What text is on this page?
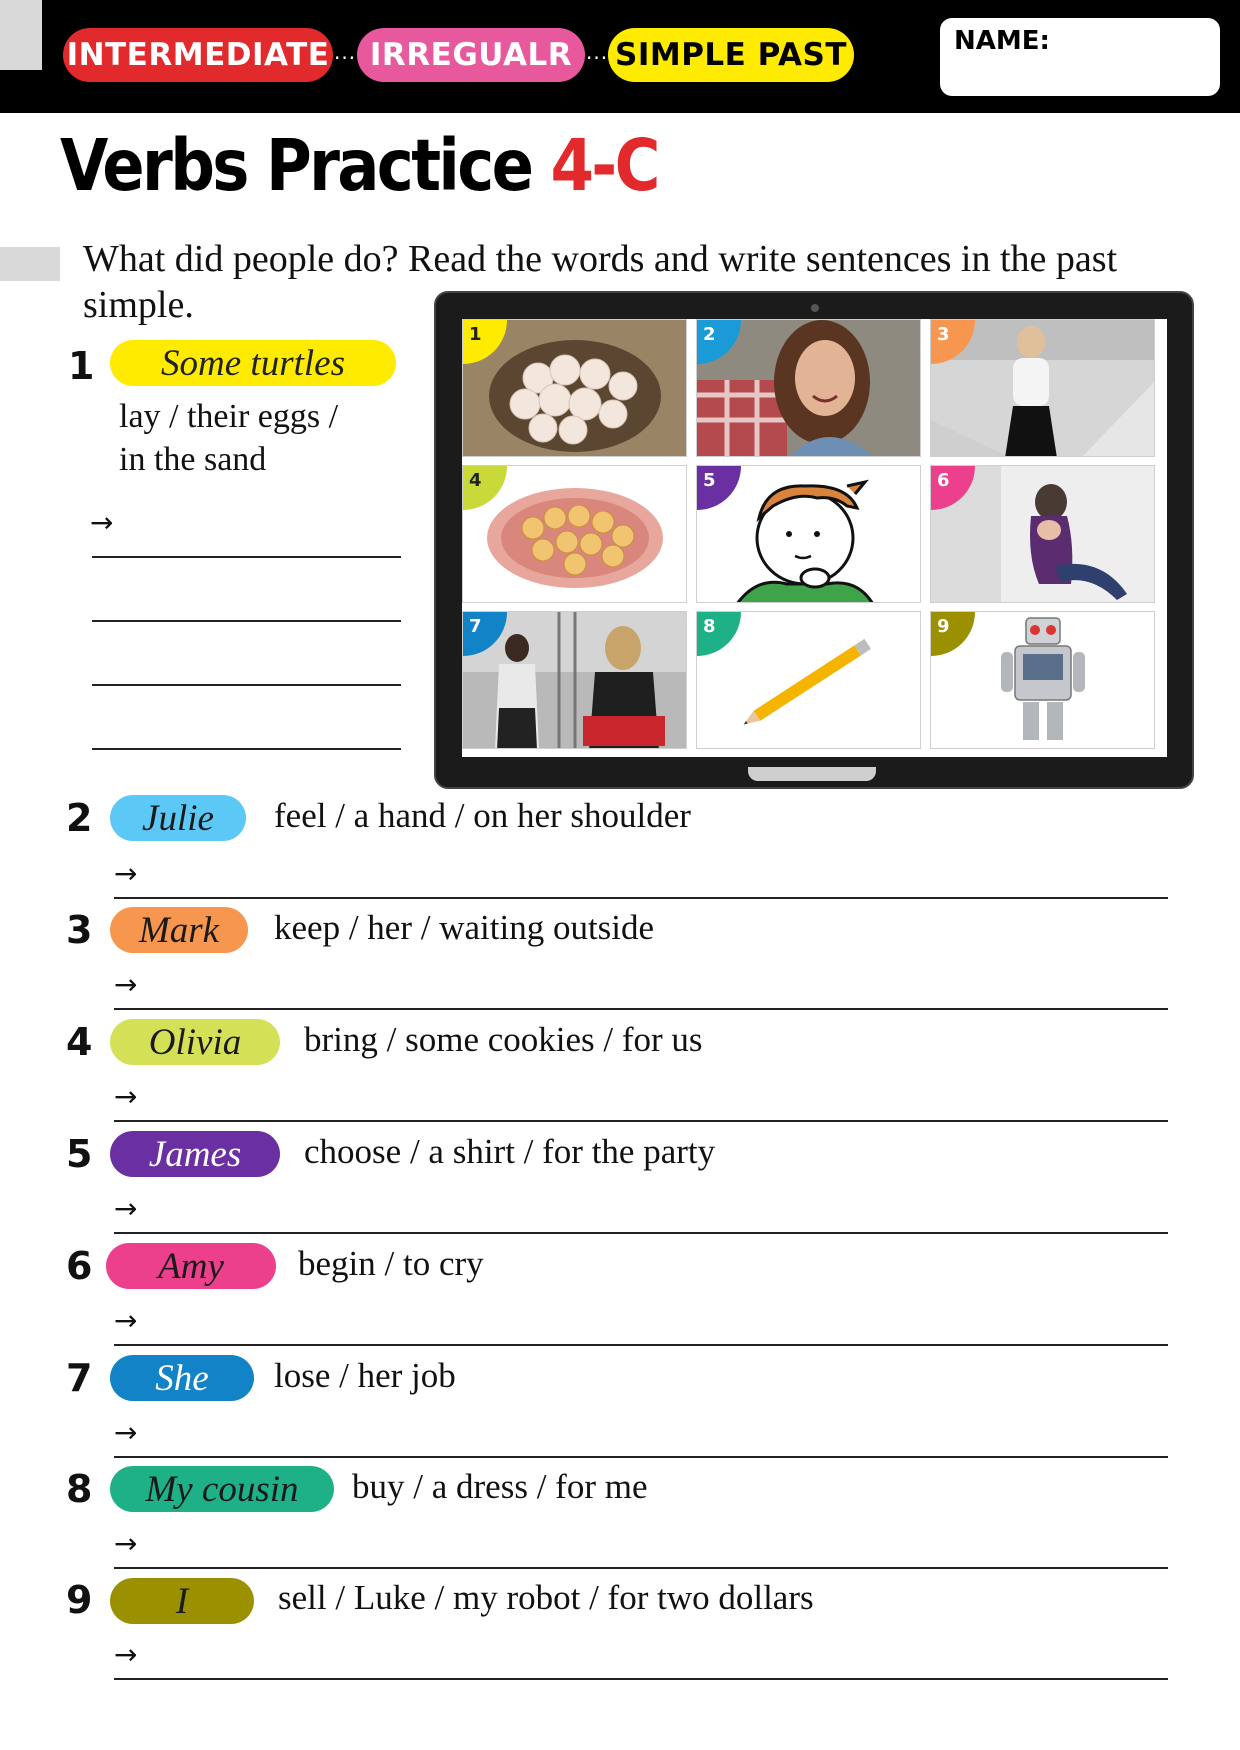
INTERMEDIATE ··· IRREGUALR ··· SIMPLE PAST	NAME:
Verbs Practice 4-C
What did people do? Read the words and write sentences in the past simple.
1	Some turtles
lay / their eggs /
in the sand
→
1	2	3
4	5	6
7	8	9
2	Julie	feel / a hand / on her shoulder
→
3	Mark	keep / her / waiting outside
→
4	Olivia	bring / some cookies / for us
→
5	James	choose / a shirt / for the party
→
6	Amy	begin / to cry
→
7	She	lose / her job
→
8	My cousin	buy / a dress / for me
→
9	I	sell / Luke / my robot / for two dollars
→
